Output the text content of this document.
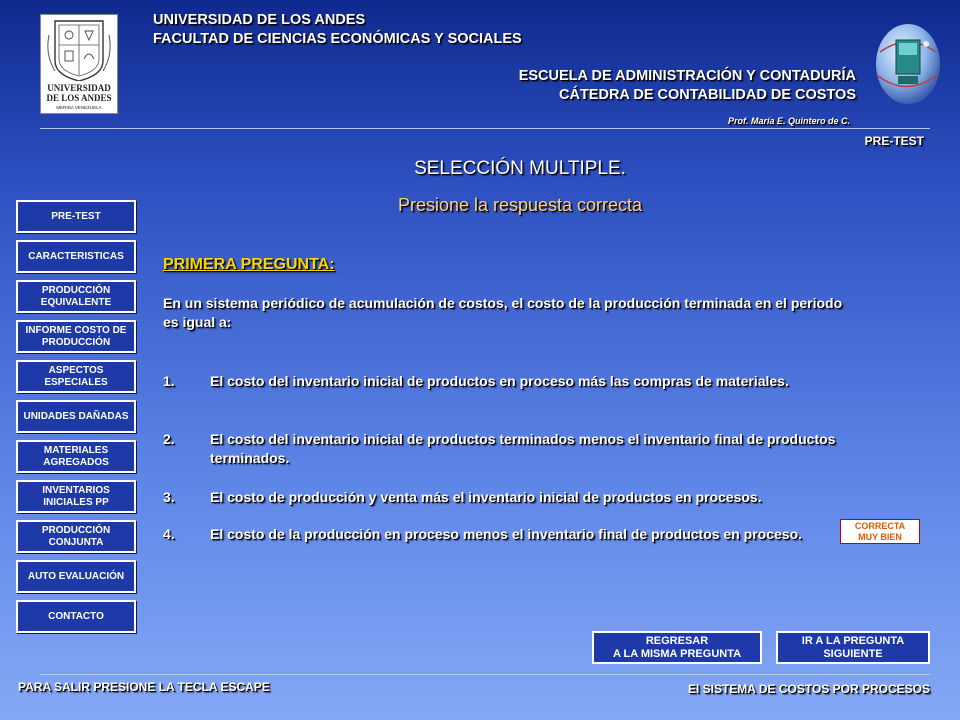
UNIVERSIDAD
DE LOS ANDES
MERIDA VENEZUELA
UNIVERSIDAD DE LOS ANDES
FACULTAD DE CIENCIAS ECONÓMICAS Y SOCIALES
ESCUELA DE ADMINISTRACIÓN Y CONTADURÍA
CÁTEDRA DE CONTABILIDAD DE COSTOS
Prof. María E. Quintero de C.
PRE-TEST
SELECCIÓN MULTIPLE.
Presione la respuesta correcta
PRE-TEST
CARACTERISTICAS
PRODUCCIÓN EQUIVALENTE
INFORME COSTO DE PRODUCCIÓN
ASPECTOS ESPECIALES
UNIDADES DAÑADAS
MATERIALES AGREGADOS
INVENTARIOS INICIALES PP
PRODUCCIÓN CONJUNTA
AUTO EVALUACIÓN
CONTACTO
PRIMERA PREGUNTA:
En un sistema periódico de acumulación de costos, el costo de la producción terminada en el periodo es igual a:
1.	El costo del inventario inicial de productos en proceso más las compras de materiales.
2.	El costo del inventario inicial de productos terminados menos el inventario final de productos terminados.
3.	El costo de producción y venta más el inventario inicial de productos en procesos.
4.	El costo de la producción en proceso menos el inventario final de productos en proceso.	CORRECTA
MUY BIEN
REGRESAR
A LA MISMA PREGUNTA
IR A LA PREGUNTA
SIGUIENTE
PARA SALIR PRESIONE LA TECLA ESCAPE	El SISTEMA DE COSTOS POR PROCESOS
